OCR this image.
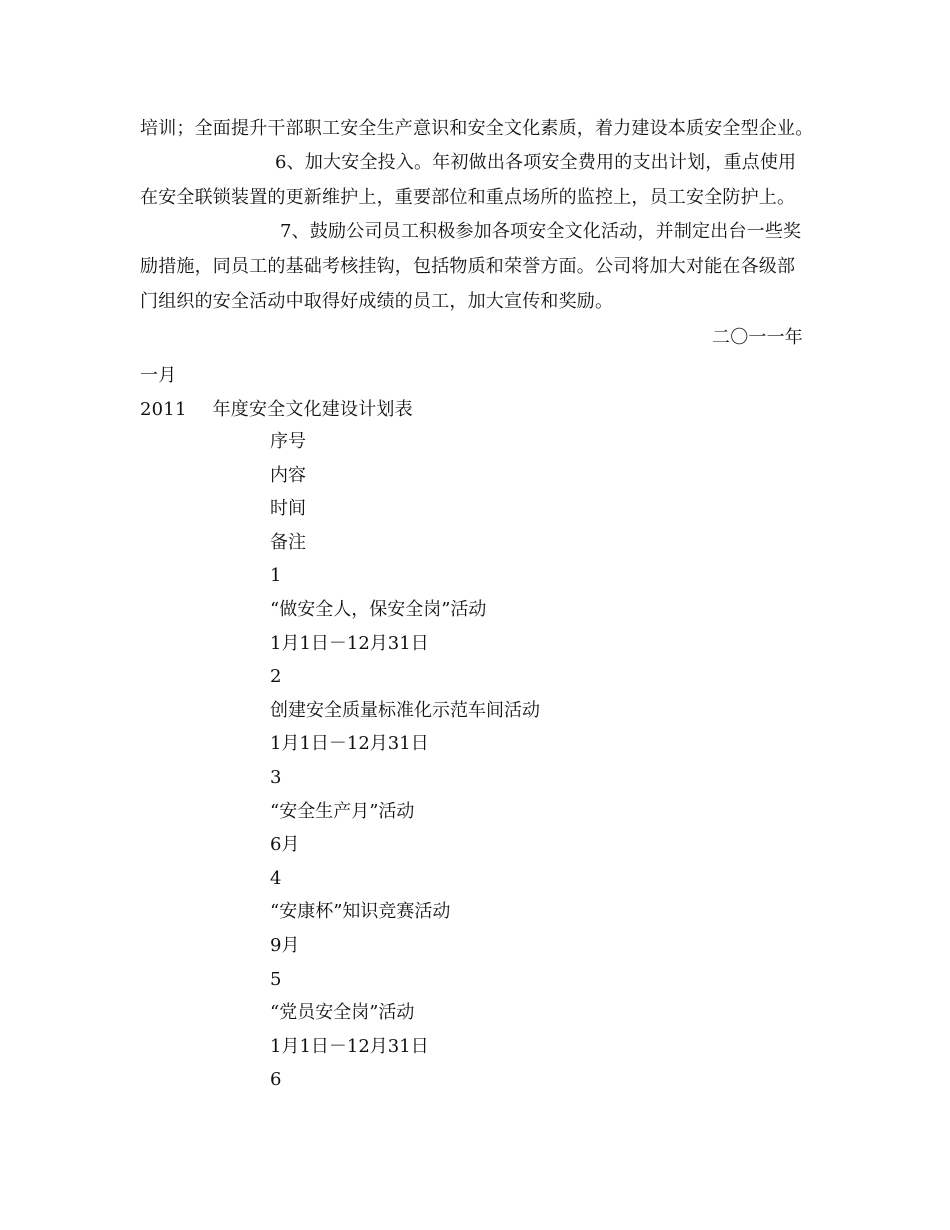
培训；全面提升干部职工安全生产意识和安全文化素质，着力建设本质安全型企业。
6、加大安全投入。年初做出各项安全费用的支出计划，重点使用
在安全联锁装置的更新维护上，重要部位和重点场所的监控上，员工安全防护上。
7、鼓励公司员工积极参加各项安全文化活动，并制定出台一些奖
励措施，同员工的基础考核挂钩，包括物质和荣誉方面。公司将加大对能在各级部
门组织的安全活动中取得好成绩的员工，加大宣传和奖励。
二〇一一年
一月
2011 年度安全文化建设计划表
序号
内容
时间
备注
1
“做安全人，保安全岗”活动
1月1日－12月31日
2
创建安全质量标准化示范车间活动
1月1日－12月31日
3
“安全生产月”活动
6月
4
“安康杯”知识竞赛活动
9月
5
“党员安全岗”活动
1月1日－12月31日
6
